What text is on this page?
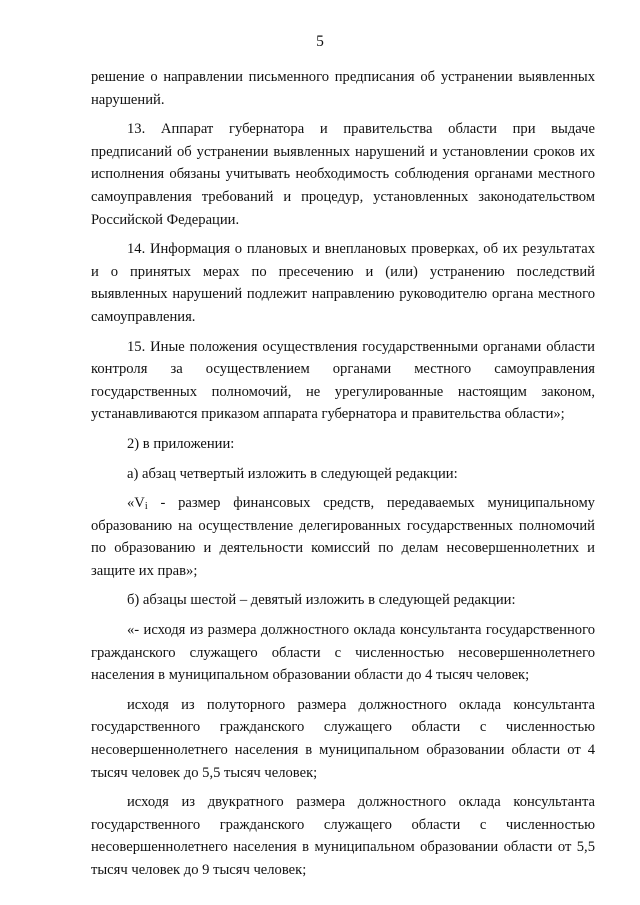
5

решение о направлении письменного предписания об устранении выявленных нарушений.

13. Аппарат губернатора и правительства области при выдаче предписаний об устранении выявленных нарушений и установлении сроков их исполнения обязаны учитывать необходимость соблюдения органами местного самоуправления требований и процедур, установленных законодательством Российской Федерации.

14. Информация о плановых и внеплановых проверках, об их результатах и о принятых мерах по пресечению и (или) устранению последствий выявленных нарушений подлежит направлению руководителю органа местного самоуправления.

15. Иные положения осуществления государственными органами области контроля за осуществлением органами местного самоуправления государственных полномочий, не урегулированные настоящим законом, устанавливаются приказом аппарата губернатора и правительства области»;

2) в приложении:

а) абзац четвертый изложить в следующей редакции:

«$V_i$ - размер финансовых средств, передаваемых муниципальному образованию на осуществление делегированных государственных полномочий по образованию и деятельности комиссий по делам несовершеннолетних и защите их прав»;

б) абзацы шестой – девятый изложить в следующей редакции:

«- исходя из размера должностного оклада консультанта государственного гражданского служащего области с численностью несовершеннолетнего населения в муниципальном образовании области до 4 тысяч человек;

исходя из полуторного размера должностного оклада консультанта государственного гражданского служащего области с численностью несовершеннолетнего населения в муниципальном образовании области от 4 тысяч человек до 5,5 тысяч человек;

исходя из двукратного размера должностного оклада консультанта государственного гражданского служащего области с численностью несовершеннолетнего населения в муниципальном образовании области от 5,5 тысяч человек до 9 тысяч человек;
